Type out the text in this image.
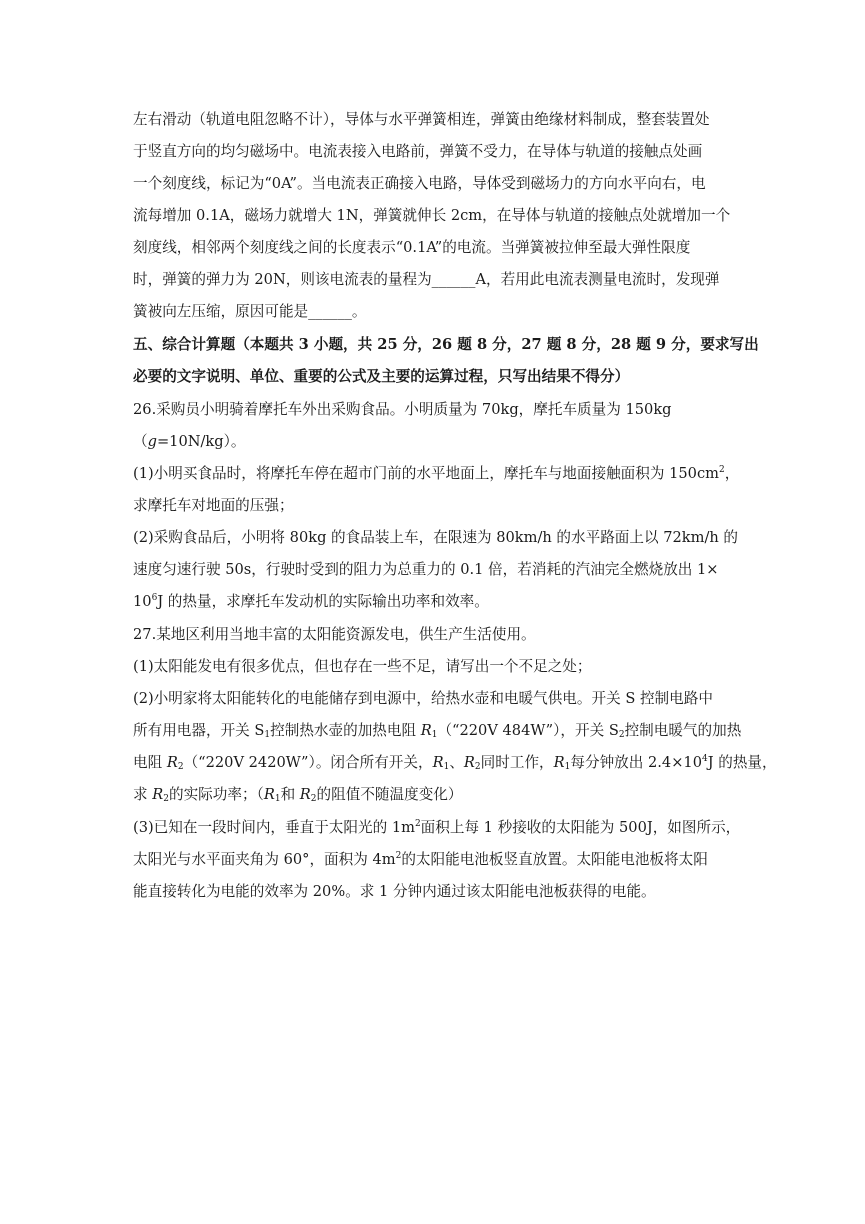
左右滑动（轨道电阻忽略不计），导体与水平弹簧相连，弹簧由绝缘材料制成，整套装置处
于竖直方向的均匀磁场中。电流表接入电路前，弹簧不受力，在导体与轨道的接触点处画
一个刻度线，标记为“0A”。当电流表正确接入电路，导体受到磁场力的方向水平向右，电
流每增加 0.1A，磁场力就增大 1N，弹簧就伸长 2cm，在导体与轨道的接触点处就增加一个
刻度线，相邻两个刻度线之间的长度表示“0.1A”的电流。当弹簧被拉伸至最大弹性限度
时，弹簧的弹力为 20N，则该电流表的量程为______A，若用此电流表测量电流时，发现弹
簧被向左压缩，原因可能是______。
五、综合计算题（本题共 3 小题，共 25 分，26 题 8 分，27 题 8 分，28 题 9 分，要求写出
必要的文字说明、单位、重要的公式及主要的运算过程，只写出结果不得分）
26.采购员小明骑着摩托车外出采购食品。小明质量为 70kg，摩托车质量为 150kg
（g=10N/kg）。
(1)小明买食品时，将摩托车停在超市门前的水平地面上，摩托车与地面接触面积为 $150cm^2$，
求摩托车对地面的压强；
(2)采购食品后，小明将 80kg 的食品装上车，在限速为 80km/h 的水平路面上以 72km/h 的
速度匀速行驶 50s，行驶时受到的阻力为总重力的 0.1 倍，若消耗的汽油完全燃烧放出 1×
$10^6J$ 的热量，求摩托车发动机的实际输出功率和效率。
27.某地区利用当地丰富的太阳能资源发电，供生产生活使用。
(1)太阳能发电有很多优点，但也存在一些不足，请写出一个不足之处；
(2)小明家将太阳能转化的电能储存到电源中，给热水壶和电暖气供电。开关 S 控制电路中
所有用电器，开关 $S_1$控制热水壶的加热电阻 $R_1(“220V$ 484W”），开关 $S_2$控制电暖气的加热
电阻 $R_2(“220V$ 2420W”）。闭合所有开关，$R_1$、$R_2$同时工作，$R_1$每分钟放出 $2.4\times 10^4J$ 的热量，
求 $R_2$的实际功率；（$R_1$和 $R_2$的阻值不随温度变化）
(3)已知在一段时间内，垂直于太阳光的 $1m^2$面积上每 1 秒接收的太阳能为 500J，如图所示，
太阳光与水平面夹角为 60°，面积为 $4m^2$的太阳能电池板竖直放置。太阳能电池板将太阳
能直接转化为电能的效率为 20%。求 1 分钟内通过该太阳能电池板获得的电能。
